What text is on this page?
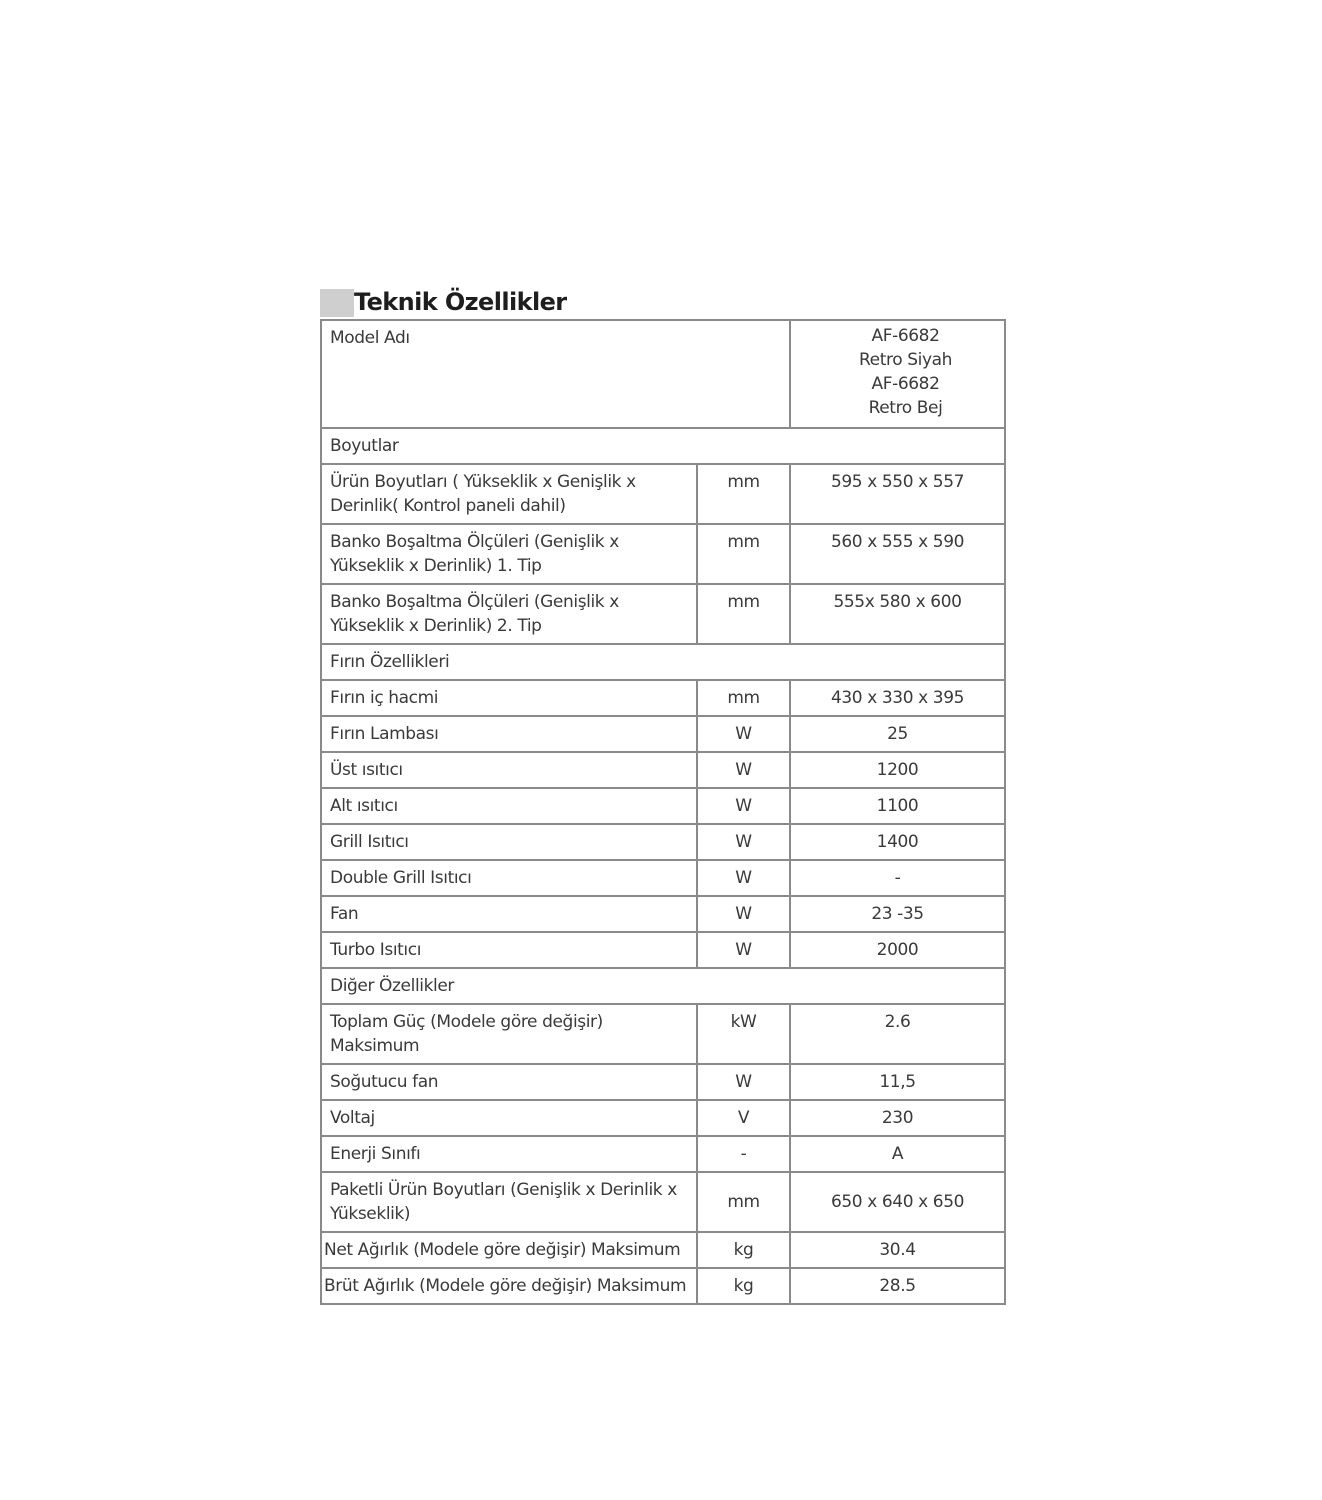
Teknik Özellikler
Model Adı		AF-6682
Retro Siyah
AF-6682
Retro Bej

Boyutlar		
Ürün Boyutları ( Yükseklik x Genişlik x Derinlik( Kontrol paneli dahil)	mm	595 x 550 x 557
Banko Boşaltma Ölçüleri (Genişlik x Yükseklik x Derinlik) 1. Tip	mm	560 x 555 x 590
Banko Boşaltma Ölçüleri (Genişlik x Yükseklik x Derinlik) 2. Tip	mm	555x 580 x 600
Fırın Özellikleri		
Fırın iç hacmi	mm	430 x 330 x 395
Fırın Lambası	W	25
Üst ısıtıcı	W	1200
Alt ısıtıcı	W	1100
Grill Isıtıcı	W	1400
Double Grill Isıtıcı	W	-
Fan	W	23 -35
Turbo Isıtıcı	W	2000
Diğer Özellikler		
Toplam Güç (Modele göre değişir) Maksimum	kW	2.6
Soğutucu fan	W	11,5
Voltaj	V	230
Enerji Sınıfı	-	A
Paketli Ürün Boyutları (Genişlik x Derinlik x Yükseklik)	mm	650 x 640 x 650
Net Ağırlık (Modele göre değişir) Maksimum	kg	30.4
Brüt Ağırlık (Modele göre değişir) Maksimum	kg	28.5
